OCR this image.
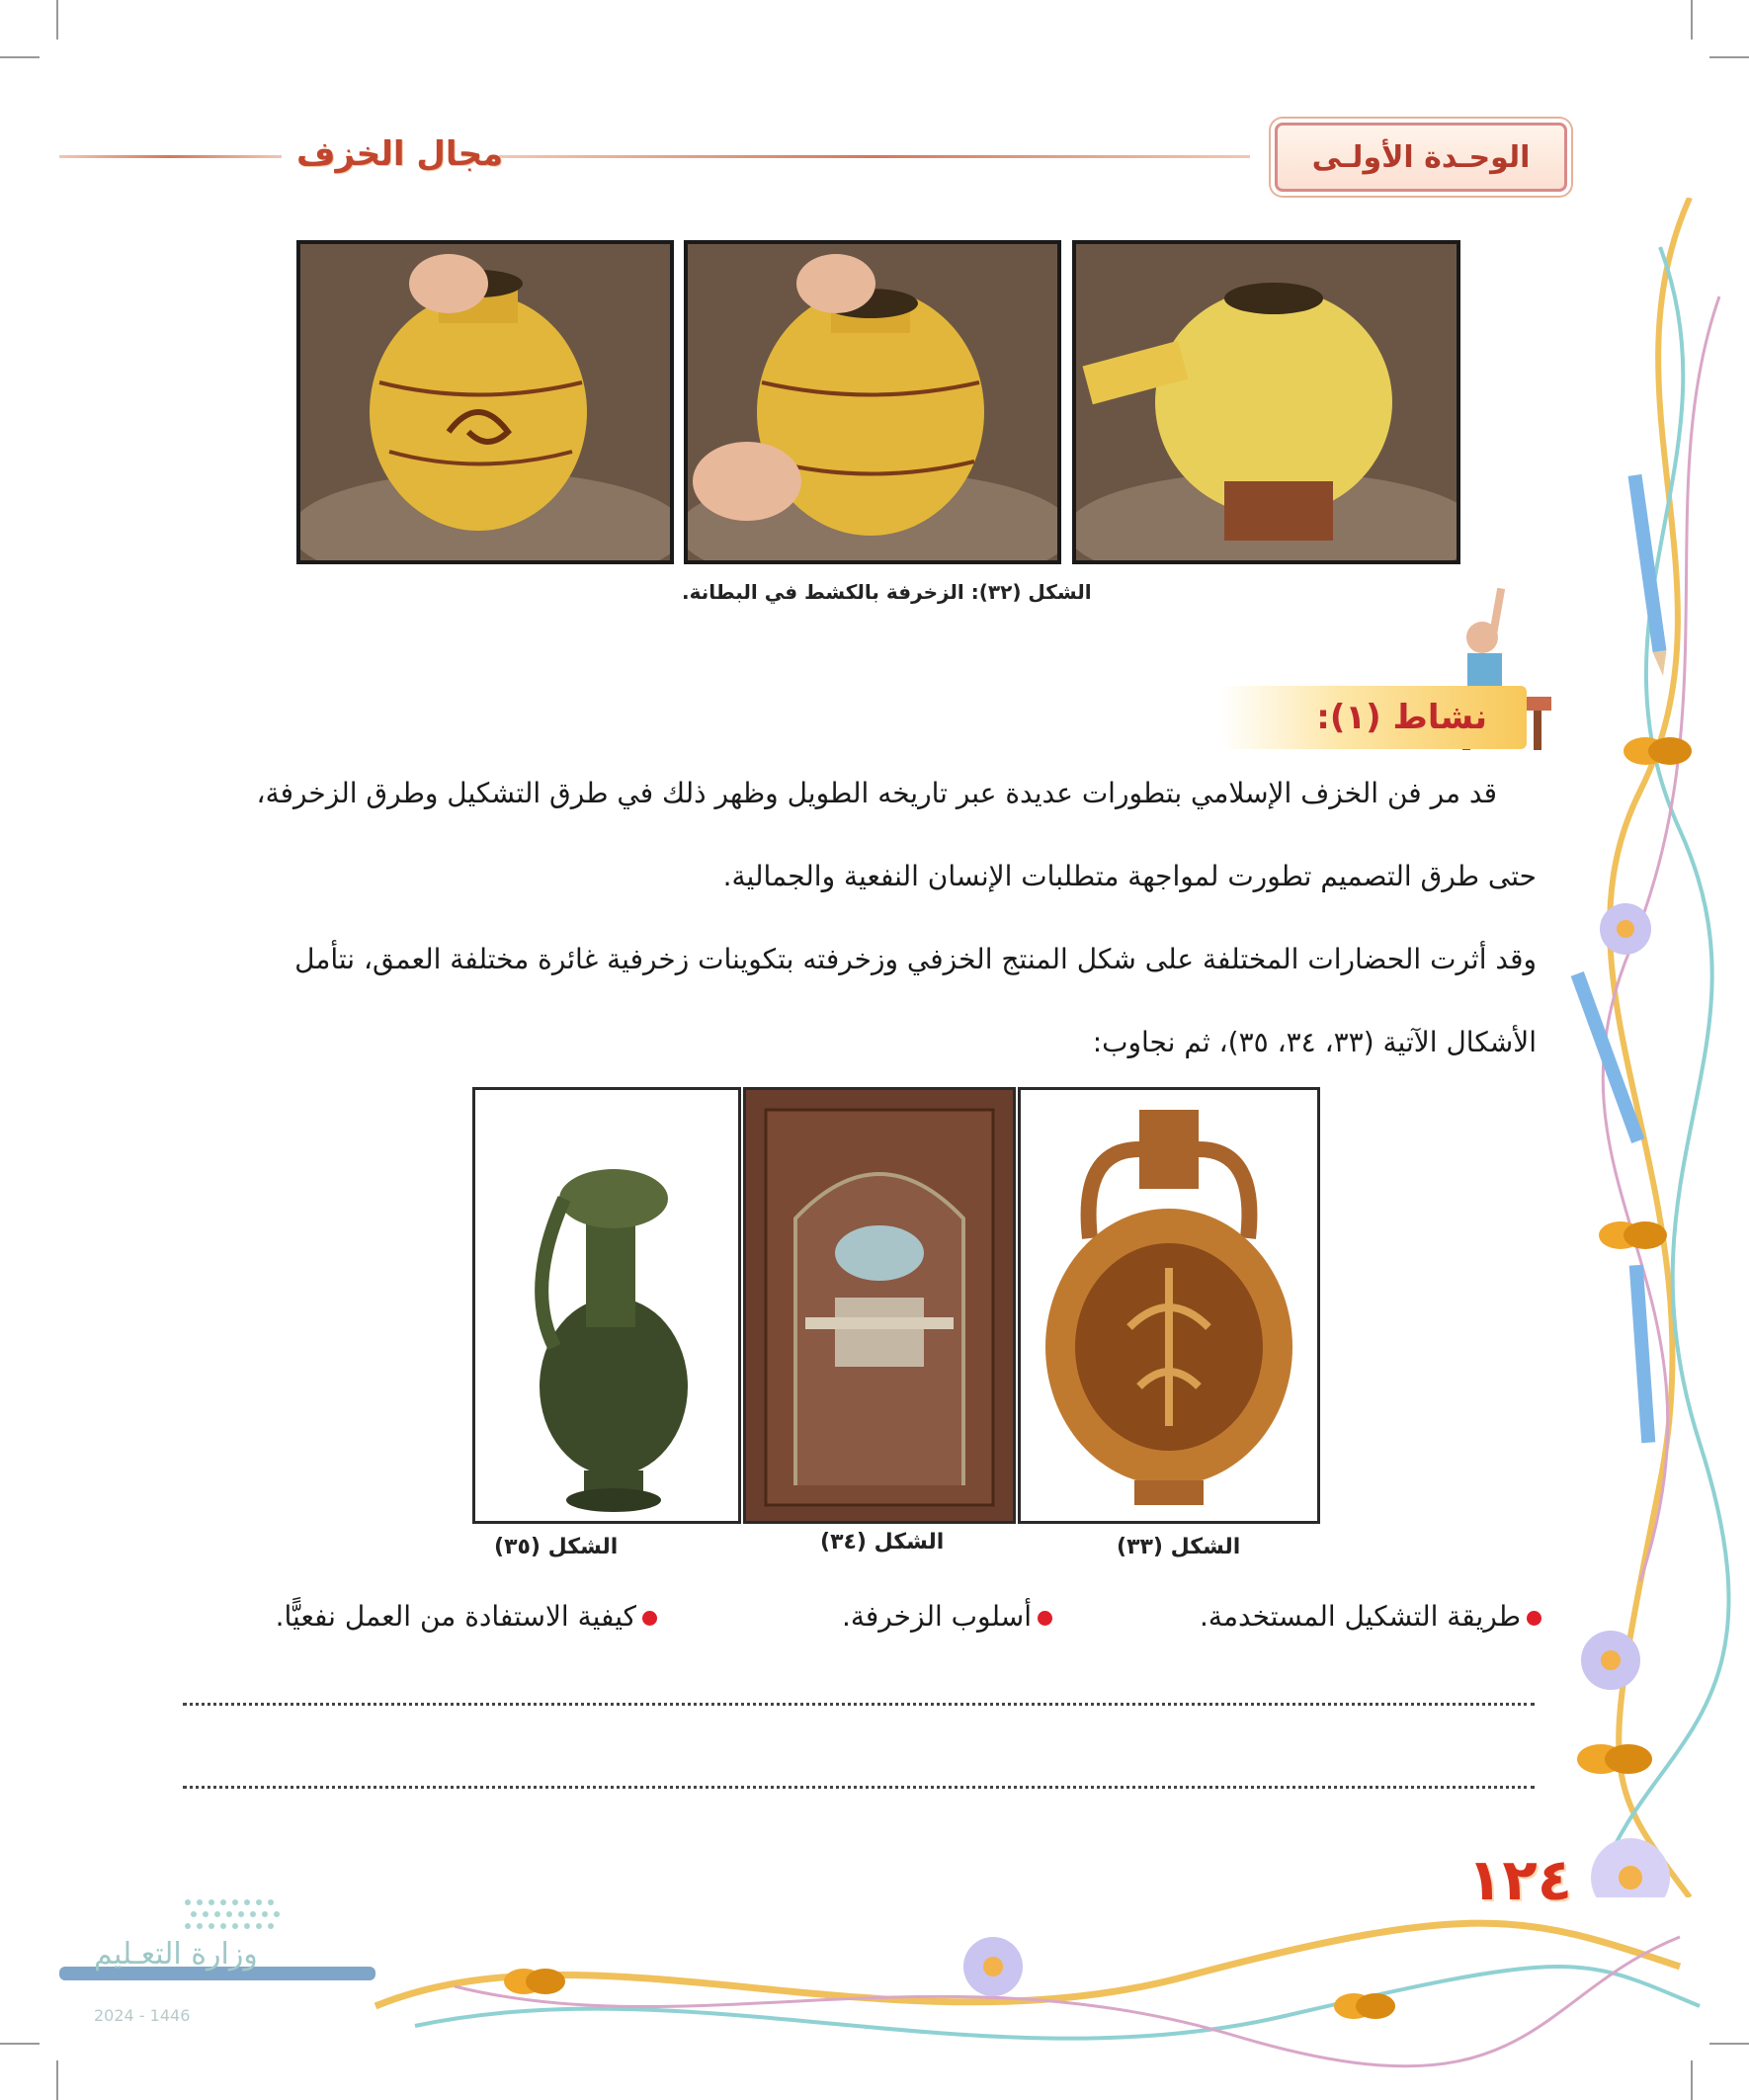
مجال الخزف	الوحـدة الأولـى
الشكل (٣٢): الزخرفة بالكشط في البطانة.
نشاط (١):
قد مر فن الخزف الإسلامي بتطورات عديدة عبر تاريخه الطويل وظهر ذلك في طرق التشكيل وطرق الزخرفة،
حتى طرق التصميم تطورت لمواجهة متطلبات الإنسان النفعية والجمالية.
وقد أثرت الحضارات المختلفة على شكل المنتج الخزفي وزخرفته بتكوينات زخرفية غائرة مختلفة العمق، نتأمل
الأشكال الآتية (٣٣، ٣٤، ٣٥)، ثم نجاوب:
الشكل (٣٣)
الشكل (٣٤)
الشكل (٣٥)
طريقة التشكيل المستخدمة.
أسلوب الزخرفة.
كيفية الاستفادة من العمل نفعيًّا.
١٢٤
وزارة التعـليم
2024 - 1446
